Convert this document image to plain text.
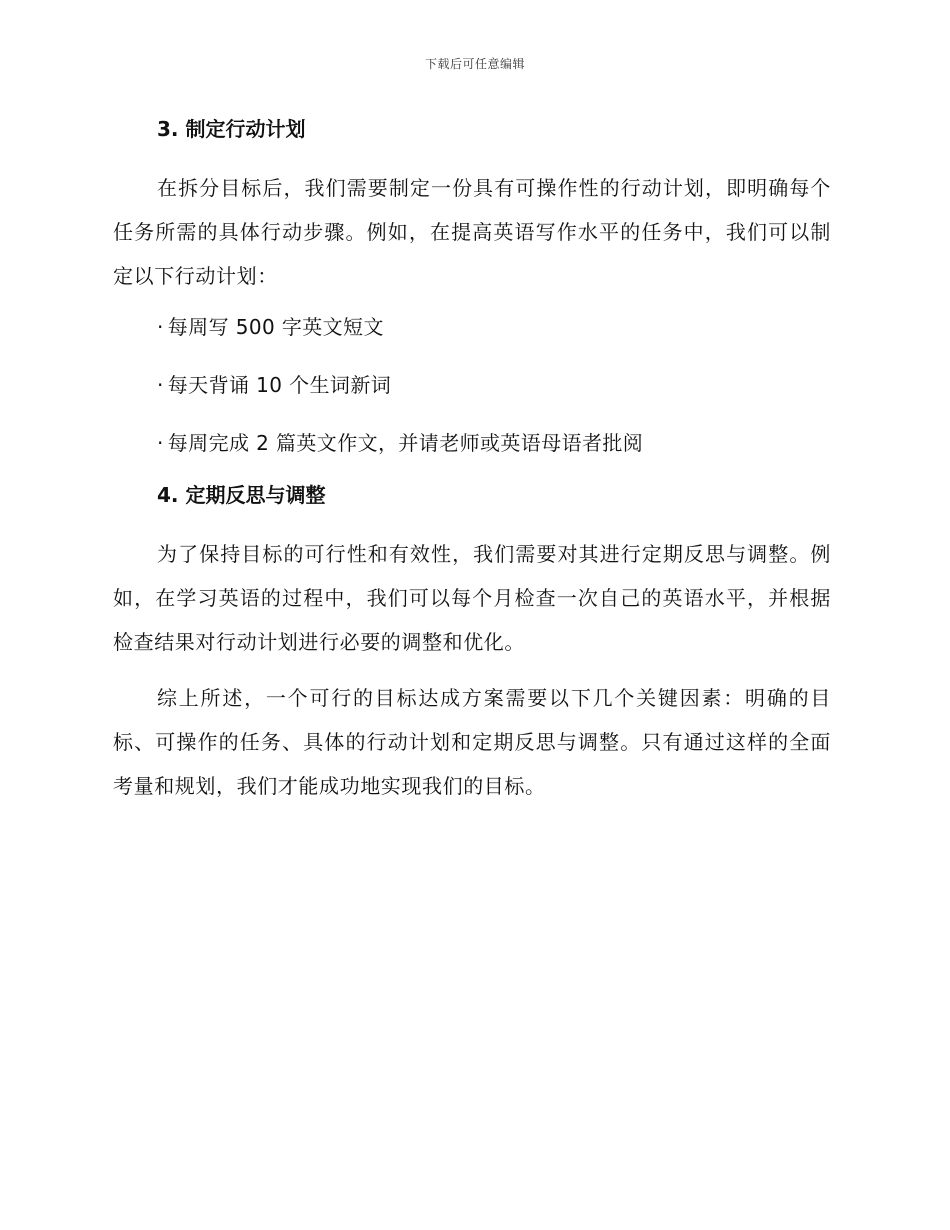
下载后可任意编辑
3. 制定行动计划

在拆分目标后，我们需要制定一份具有可操作性的行动计划，即明确每个任务所需的具体行动步骤。例如，在提高英语写作水平的任务中，我们可以制定以下行动计划：

· 每周写 500 字英文短文
· 每天背诵 10 个生词新词
· 每周完成 2 篇英文作文，并请老师或英语母语者批阅
4. 定期反思与调整

为了保持目标的可行性和有效性，我们需要对其进行定期反思与调整。例如，在学习英语的过程中，我们可以每个月检查一次自己的英语水平，并根据检查结果对行动计划进行必要的调整和优化。

综上所述，一个可行的目标达成方案需要以下几个关键因素：明确的目标、可操作的任务、具体的行动计划和定期反思与调整。只有通过这样的全面考量和规划，我们才能成功地实现我们的目标。
